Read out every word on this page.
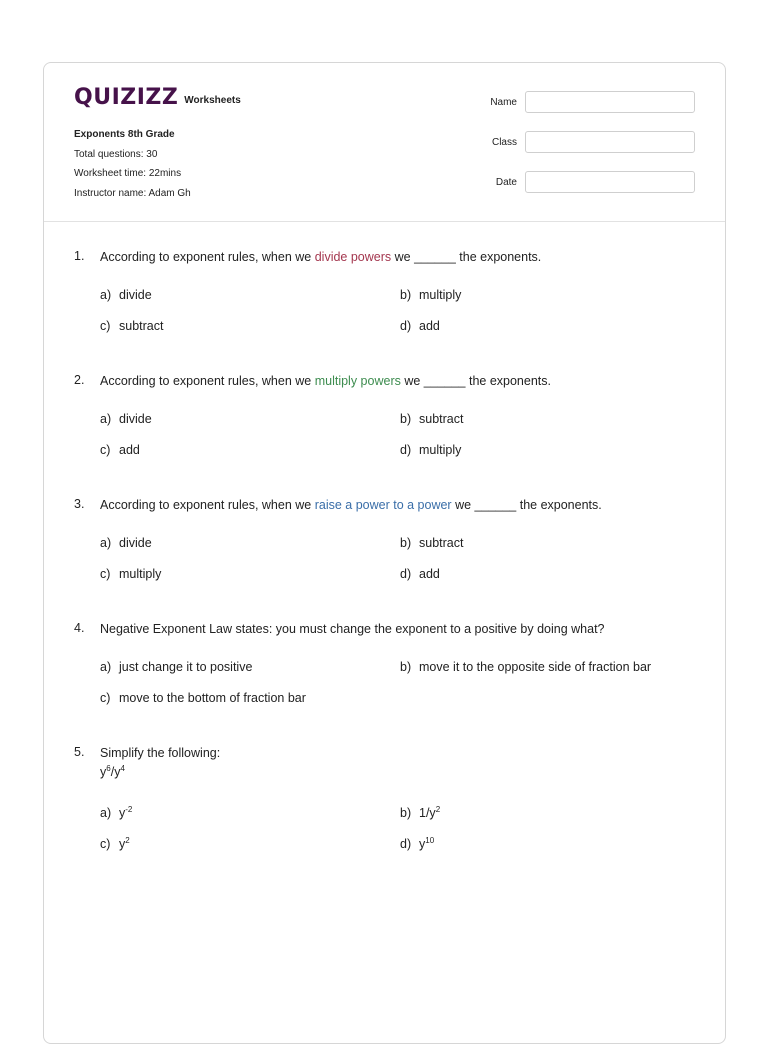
QUIZIZZ Worksheets
Exponents 8th Grade
Total questions: 30
Worksheet time: 22mins
Instructor name: Adam Gh
Name
Class
Date
1.	According to exponent rules, when we divide powers we ______ the exponents.
a) divide	b) multiply
c) subtract	d) add
2.	According to exponent rules, when we multiply powers we ______ the exponents.
a) divide	b) subtract
c) add	d) multiply
3.	According to exponent rules, when we raise a power to a power we ______ the exponents.
a) divide	b) subtract
c) multiply	d) add
4.	Negative Exponent Law states: you must change the exponent to a positive by doing what?
a) just change it to positive	b) move it to the opposite side of fraction bar
c) move to the bottom of fraction bar
5.	Simplify the following:
$y^6/y^4$
a) $y^{-2}$	b) $1/y^2$
c) $y^2$	d) $y^{10}$
